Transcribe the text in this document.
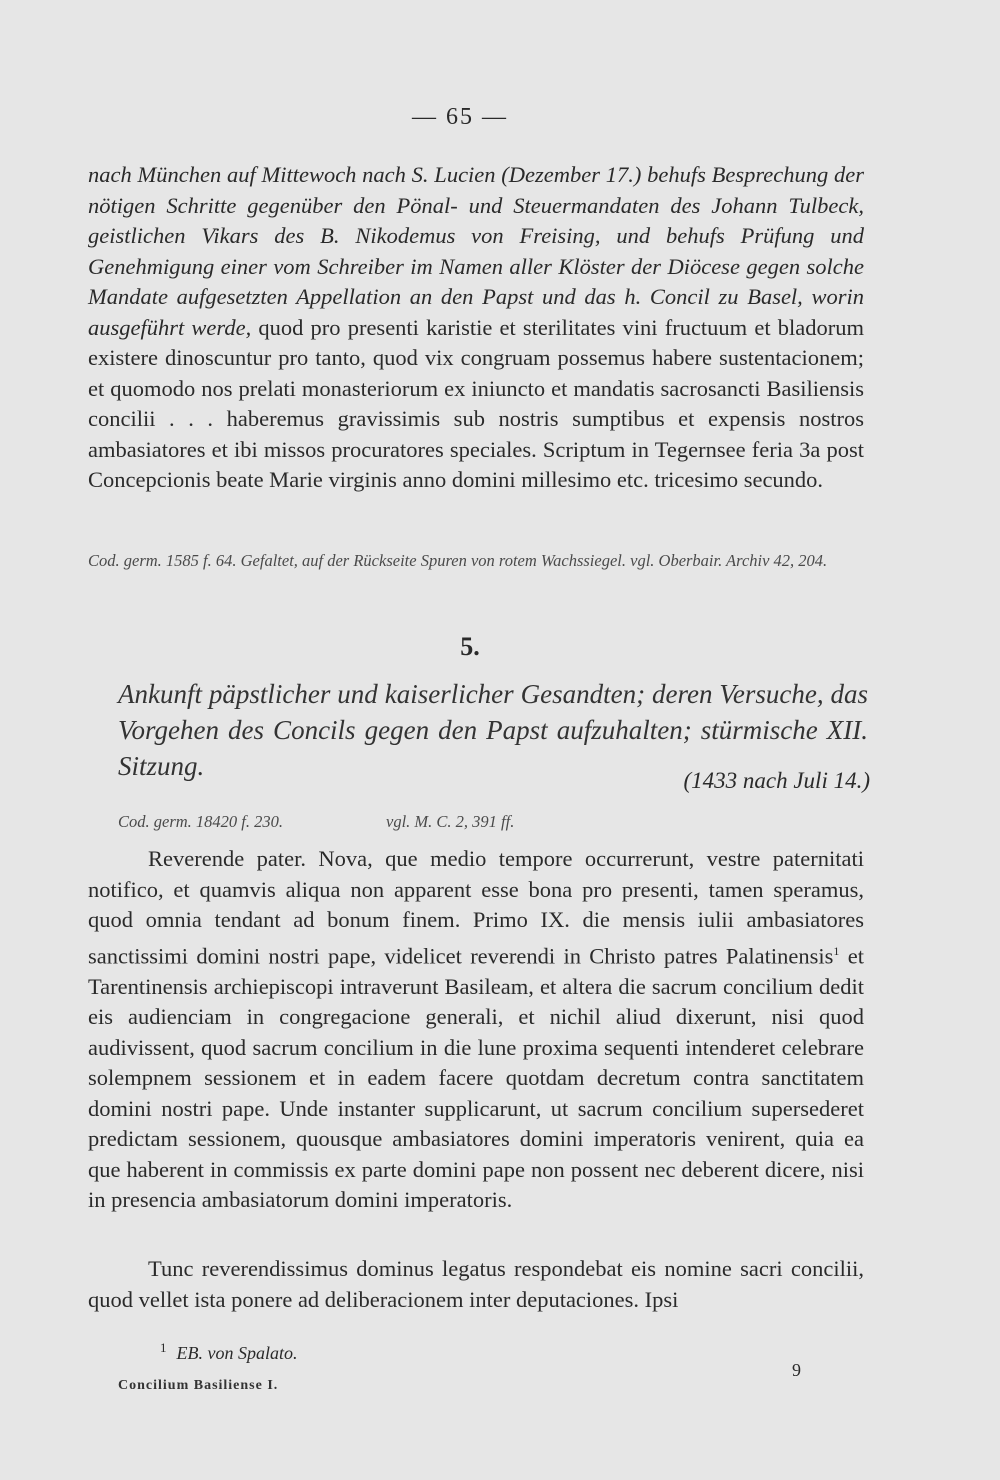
— 65 —
nach München auf Mittewoch nach S. Lucien (Dezember 17.) behufs Besprechung der nötigen Schritte gegenüber den Pönal- und Steuermandaten des Johann Tulbeck, geistlichen Vikars des B. Nikodemus von Freising, und behufs Prüfung und Genehmigung einer vom Schreiber im Namen aller Klöster der Diöcese gegen solche Mandate aufgesetzten Appellation an den Papst und das h. Concil zu Basel, worin ausgeführt werde, quod pro presenti karistie et sterilitates vini fructuum et bladorum existere dinoscuntur pro tanto, quod vix congruam possemus habere sustentacionem; et quomodo nos prelati monasteriorum ex iniuncto et mandatis sacrosancti Basiliensis concilii . . . haberemus gravissimis sub nostris sumptibus et expensis nostros ambasiatores et ibi missos procuratores speciales. Scriptum in Tegernsee feria 3a post Concepcionis beate Marie virginis anno domini millesimo etc. tricesimo secundo.
Cod. germ. 1585 f. 64. Gefaltet, auf der Rückseite Spuren von rotem Wachssiegel. vgl. Oberbair. Archiv 42, 204.
5.
Ankunft päpstlicher und kaiserlicher Gesandten; deren Versuche, das Vorgehen des Concils gegen den Papst aufzuhalten; stürmische XII. Sitzung.	(1433 nach Juli 14.)
Cod. germ. 18420 f. 230.	vgl. M. C. 2, 391 ff.
Reverende pater. Nova, que medio tempore occurrerunt, vestre paternitati notifico, et quamvis aliqua non apparent esse bona pro presenti, tamen speramus, quod omnia tendant ad bonum finem. Primo IX. die mensis iulii ambasiatores sanctissimi domini nostri pape, videlicet reverendi in Christo patres Palatinensis$^1$ et Tarentinensis archiepiscopi intraverunt Basileam, et altera die sacrum concilium dedit eis audienciam in congregacione generali, et nichil aliud dixerunt, nisi quod audivissent, quod sacrum concilium in die lune proxima sequenti intenderet celebrare solempnem sessionem et in eadem facere quotdam decretum contra sanctitatem domini nostri pape. Unde instanter supplicarunt, ut sacrum concilium supersederet predictam sessionem, quousque ambasiatores domini imperatoris venirent, quia ea que haberent in commissis ex parte domini pape non possent nec deberent dicere, nisi in presencia ambasiatorum domini imperatoris.
Tunc reverendissimus dominus legatus respondebat eis nomine sacri concilii, quod vellet ista ponere ad deliberacionem inter deputaciones. Ipsi
$^1$ EB. von Spalato.
9
Concilium Basiliense I.
